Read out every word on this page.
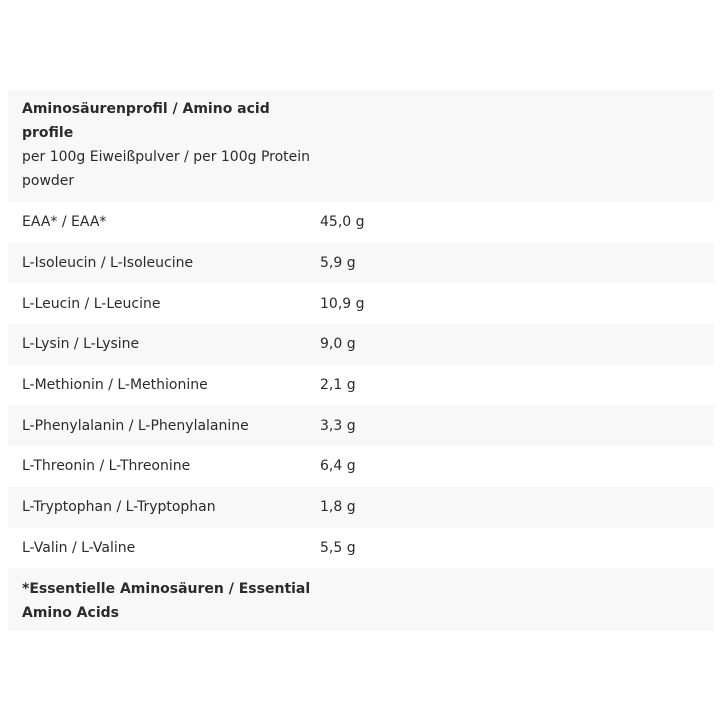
Aminosäurenprofil / Amino acid profile
per 100g Eiweißpulver / per 100g Protein powder
EAA* / EAA*	45,0 g
L-Isoleucin / L-Isoleucine	5,9 g
L-Leucin / L-Leucine	10,9 g
L-Lysin / L-Lysine	9,0 g
L-Methionin / L-Methionine	2,1 g
L-Phenylalanin / L-Phenylalanine	3,3 g
L-Threonin / L-Threonine	6,4 g
L-Tryptophan / L-Tryptophan	1,8 g
L-Valin / L-Valine	5,5 g
*Essentielle Aminosäuren / Essential Amino Acids
